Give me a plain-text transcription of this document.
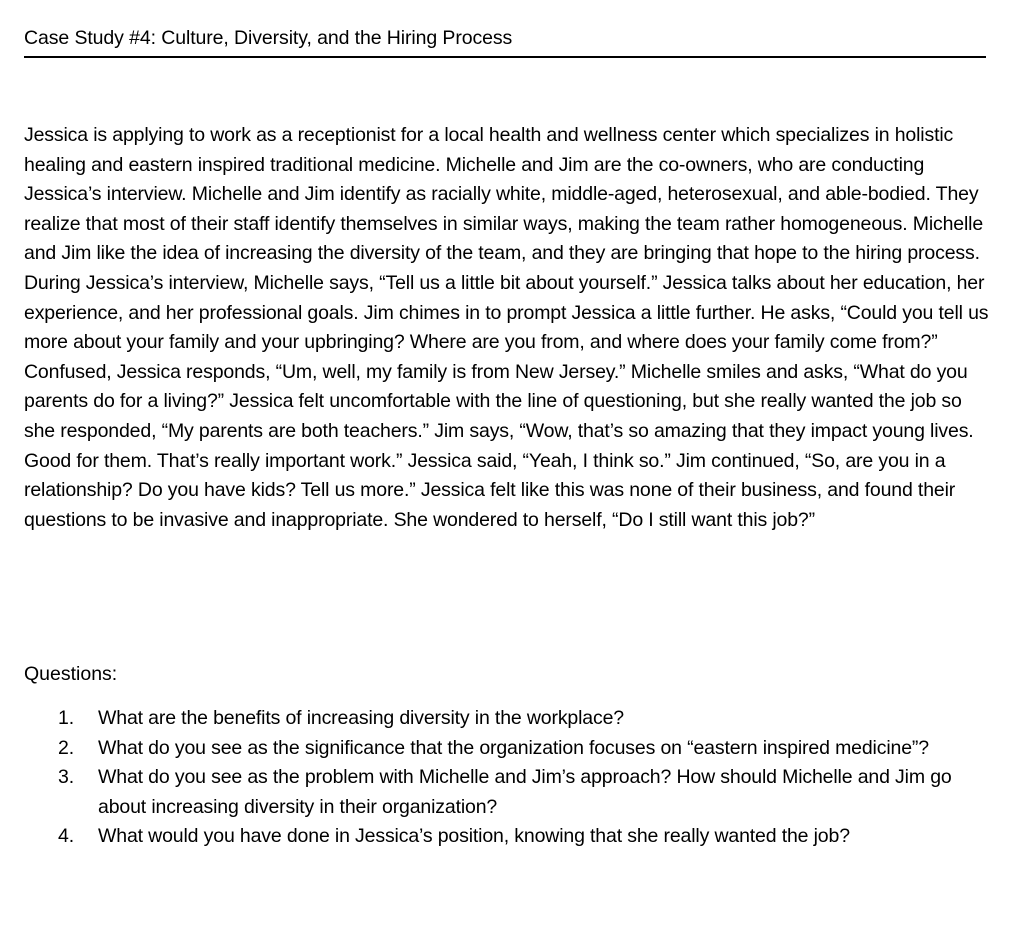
Case Study #4: Culture, Diversity, and the Hiring Process

Jessica is applying to work as a receptionist for a local health and wellness center which specializes in holistic healing and eastern inspired traditional medicine. Michelle and Jim are the co-owners, who are conducting Jessica’s interview. Michelle and Jim identify as racially white, middle-aged, heterosexual, and able-bodied. They realize that most of their staff identify themselves in similar ways, making the team rather homogeneous. Michelle and Jim like the idea of increasing the diversity of the team, and they are bringing that hope to the hiring process. During Jessica’s interview, Michelle says, “Tell us a little bit about yourself.” Jessica talks about her education, her experience, and her professional goals. Jim chimes in to prompt Jessica a little further. He asks, “Could you tell us more about your family and your upbringing? Where are you from, and where does your family come from?” Confused, Jessica responds, “Um, well, my family is from New Jersey.” Michelle smiles and asks, “What do you parents do for a living?” Jessica felt uncomfortable with the line of questioning, but she really wanted the job so she responded, “My parents are both teachers.” Jim says, “Wow, that’s so amazing that they impact young lives. Good for them. That’s really important work.” Jessica said, “Yeah, I think so.” Jim continued, “So, are you in a relationship? Do you have kids? Tell us more.” Jessica felt like this was none of their business, and found their questions to be invasive and inappropriate. She wondered to herself, “Do I still want this job?”

Questions:

1. What are the benefits of increasing diversity in the workplace?
2. What do you see as the significance that the organization focuses on “eastern inspired medicine”?
3. What do you see as the problem with Michelle and Jim’s approach? How should Michelle and Jim go about increasing diversity in their organization?
4. What would you have done in Jessica’s position, knowing that she really wanted the job?
